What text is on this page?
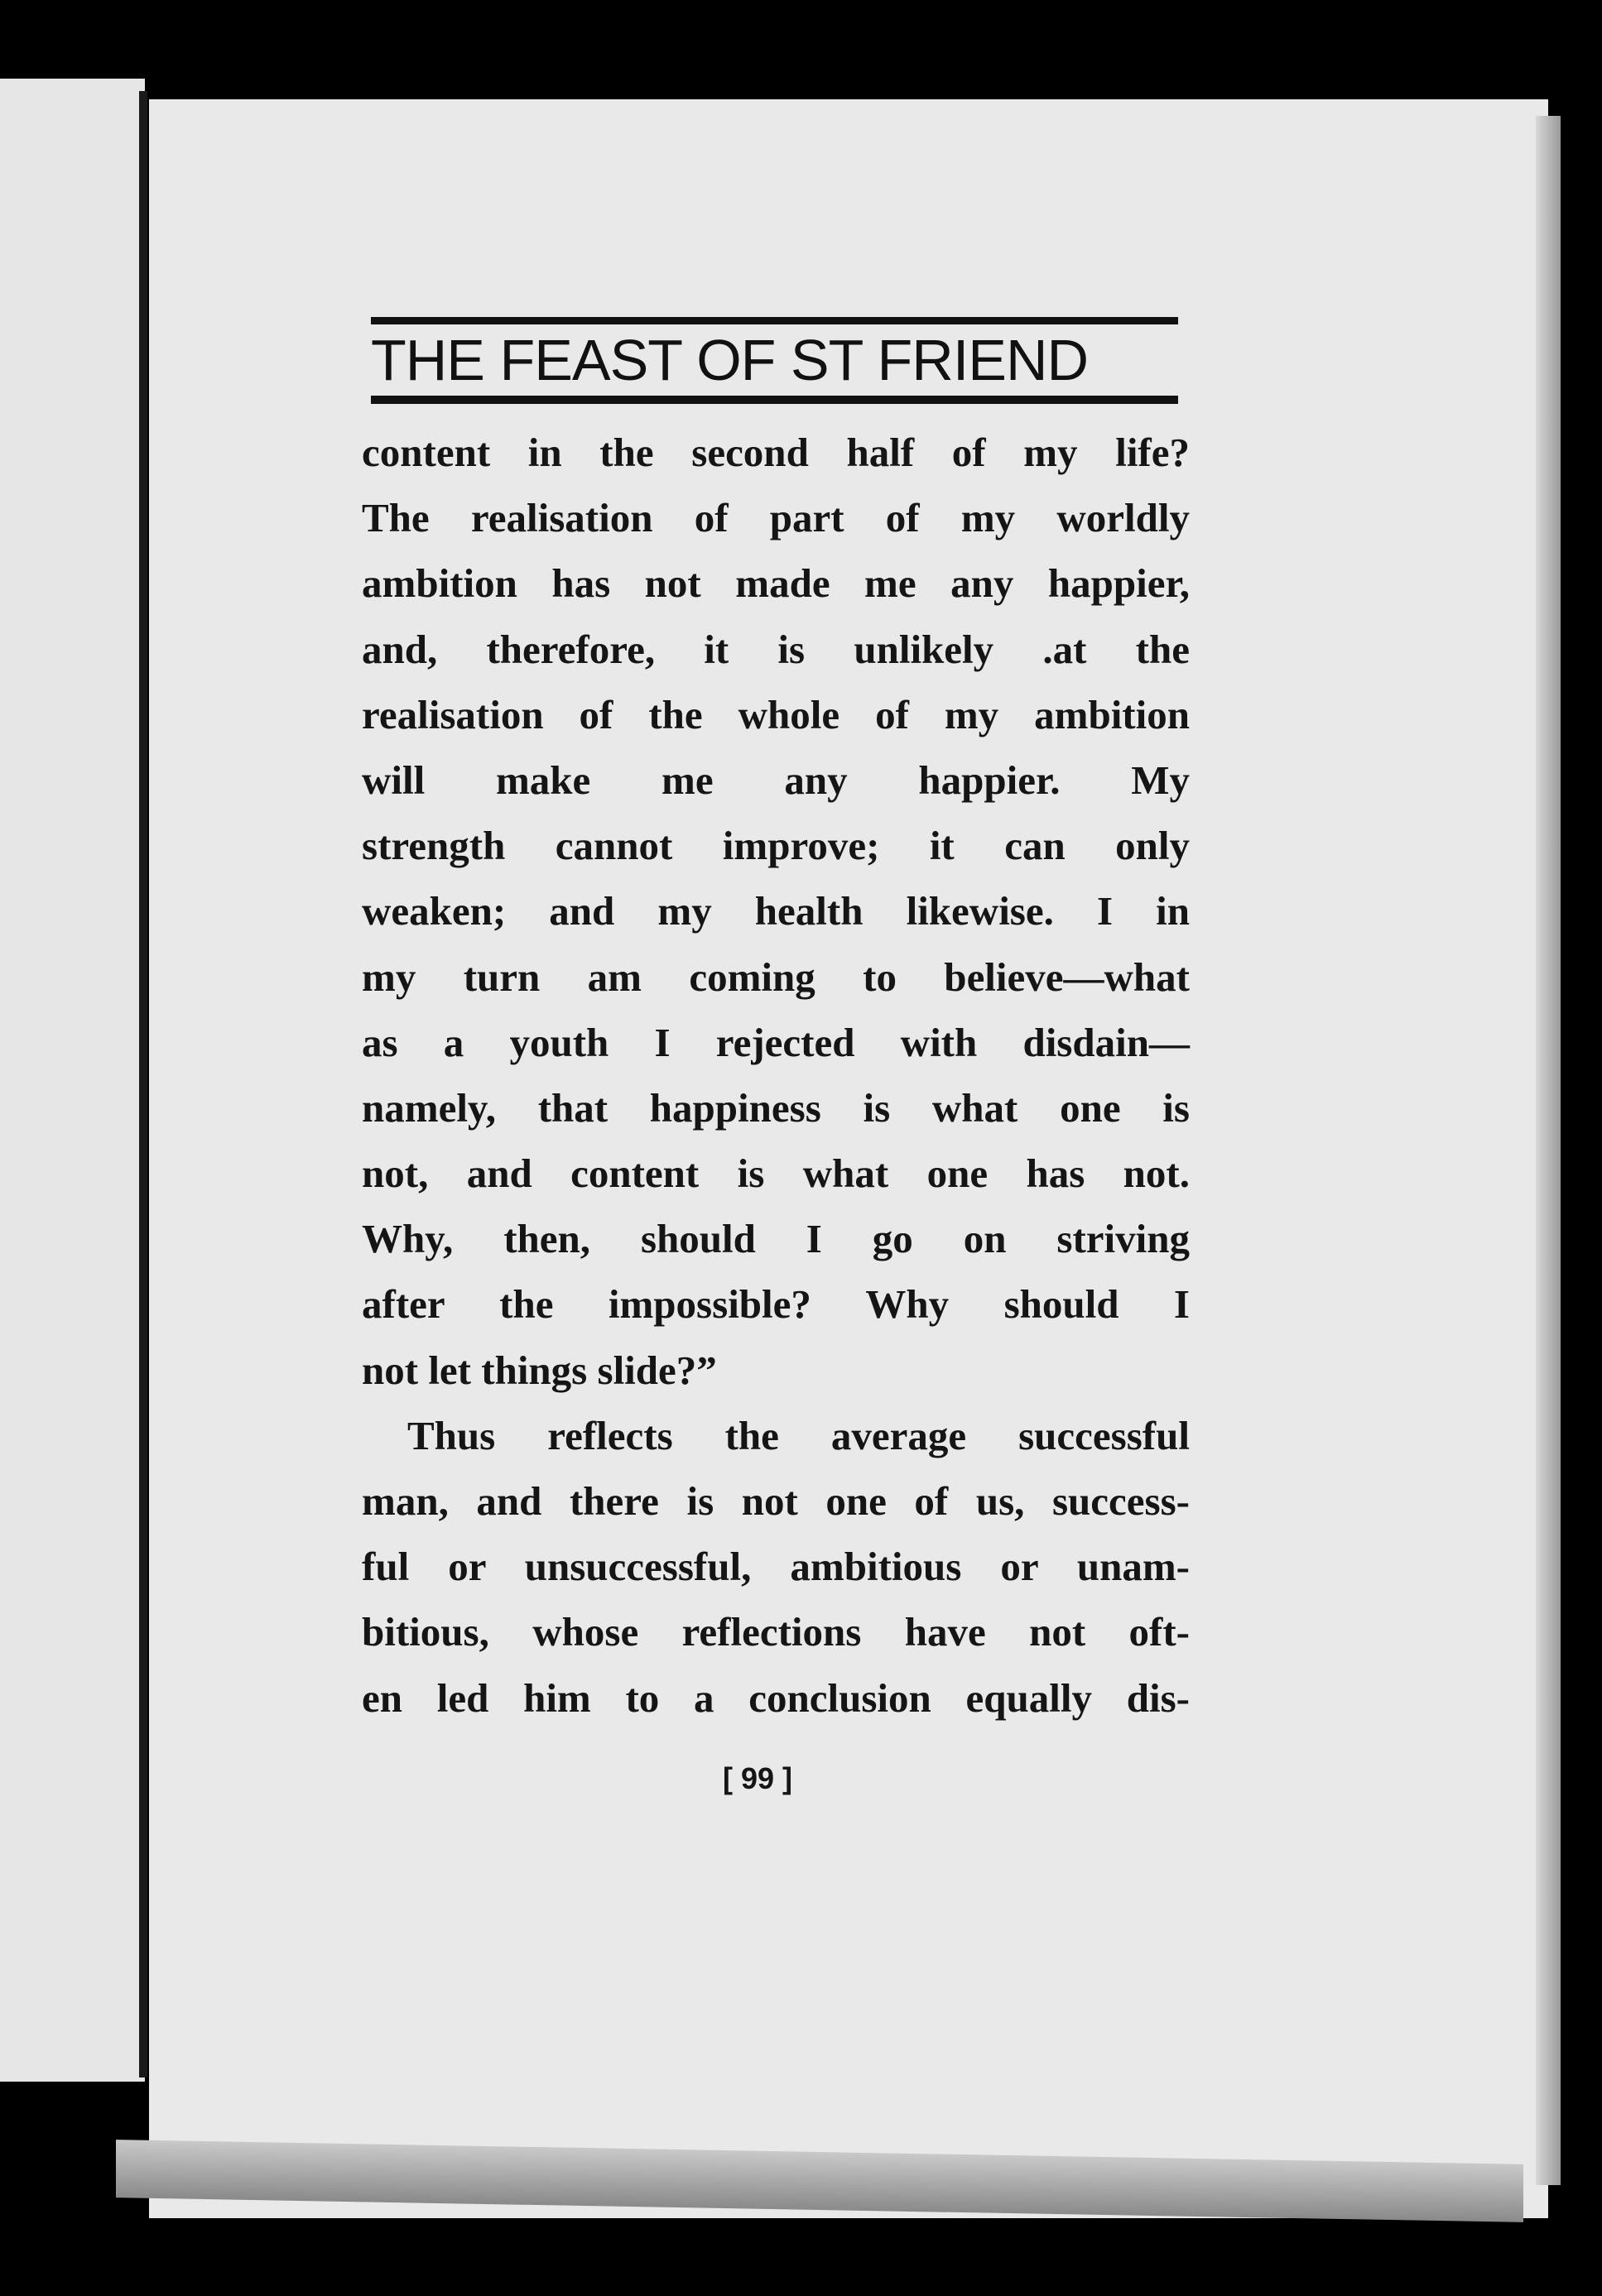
THE FEAST OF ST FRIEND
content in the second half of my life?
The realisation of part of my worldly
ambition has not made me any happier,
and, therefore, it is unlikely .at the
realisation of the whole of my ambition
will make me any happier. My
strength cannot improve; it can only
weaken; and my health likewise. I in
my turn am coming to believe—what
as a youth I rejected with disdain—
namely, that happiness is what one is
not, and content is what one has not.
Why, then, should I go on striving
after the impossible? Why should I
not let things slide?”
Thus reflects the average successful
man, and there is not one of us, success-
ful or unsuccessful, ambitious or unam-
bitious, whose reflections have not oft-
en led him to a conclusion equally dis-
[ 99 ]
